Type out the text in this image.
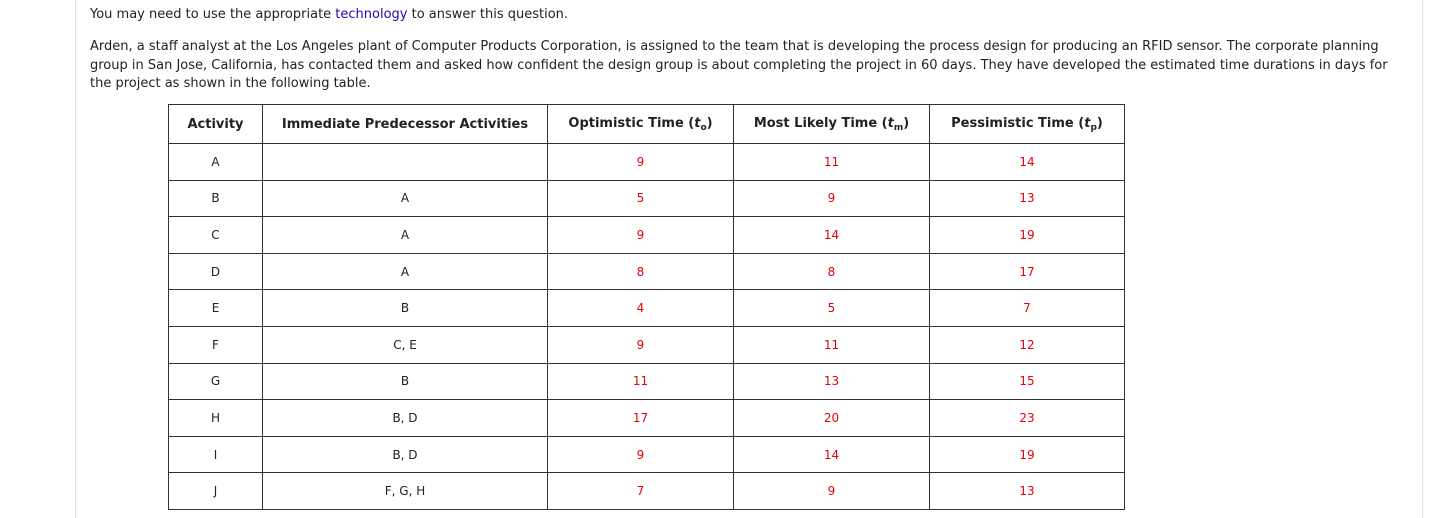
You may need to use the appropriate technology to answer this question.

Arden, a staff analyst at the Los Angeles plant of Computer Products Corporation, is assigned to the team that is developing the process design for producing an RFID sensor. The corporate planning group in San Jose, California, has contacted them and asked how confident the design group is about completing the project in 60 days. They have developed the estimated time durations in days for the project as shown in the following table.

Activity	Immediate Predecessor Activities	Optimistic Time $(t_o)$	Most Likely Time $(t_m)$	Pessimistic Time $(t_p)$
A		9	11	14
B	A	5	9	13
C	A	9	14	19
D	A	8	8	17
E	B	4	5	7
F	C, E	9	11	12
G	B	11	13	15
H	B, D	17	20	23
I	B, D	9	14	19
J	F, G, H	7	9	13
